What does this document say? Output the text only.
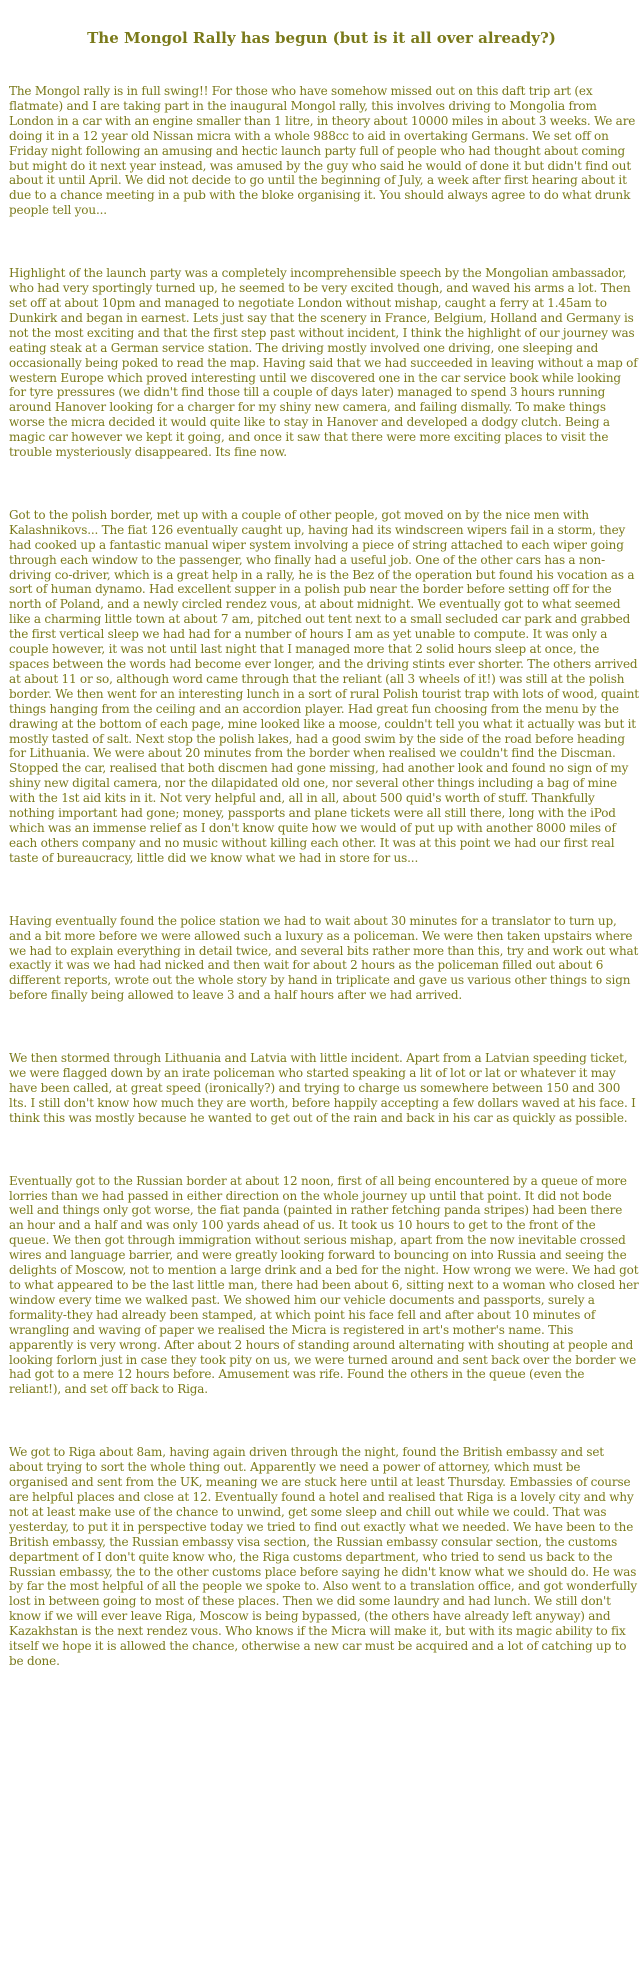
The Mongol Rally has begun (but is it all over already?)

The Mongol rally is in full swing!! For those who have somehow missed out on this daft trip art (ex flatmate) and I are taking part in the inaugural Mongol rally, this involves driving to Mongolia from London in a car with an engine smaller than 1 litre, in theory about 10000 miles in about 3 weeks. We are doing it in a 12 year old Nissan micra with a whole 988cc to aid in overtaking Germans. We set off on Friday night following an amusing and hectic launch party full of people who had thought about coming but might do it next year instead, was amused by the guy who said he would of done it but didn't find out about it until April. We did not decide to go until the beginning of July, a week after first hearing about it due to a chance meeting in a pub with the bloke organising it. You should always agree to do what drunk people tell you...

Highlight of the launch party was a completely incomprehensible speech by the Mongolian ambassador, who had very sportingly turned up, he seemed to be very excited though, and waved his arms a lot. Then set off at about 10pm and managed to negotiate London without mishap, caught a ferry at 1.45am to Dunkirk and began in earnest. Lets just say that the scenery in France, Belgium, Holland and Germany is not the most exciting and that the first step past without incident, I think the highlight of our journey was eating steak at a German service station. The driving mostly involved one driving, one sleeping and occasionally being poked to read the map. Having said that we had succeeded in leaving without a map of western Europe which proved interesting until we discovered one in the car service book while looking for tyre pressures (we didn't find those till a couple of days later) managed to spend 3 hours running around Hanover looking for a charger for my shiny new camera, and failing dismally. To make things worse the micra decided it would quite like to stay in Hanover and developed a dodgy clutch. Being a magic car however we kept it going, and once it saw that there were more exciting places to visit the trouble mysteriously disappeared. Its fine now.

Got to the polish border, met up with a couple of other people, got moved on by the nice men with Kalashnikovs... The fiat 126 eventually caught up, having had its windscreen wipers fail in a storm, they had cooked up a fantastic manual wiper system involving a piece of string attached to each wiper going through each window to the passenger, who finally had a useful job. One of the other cars has a non-driving co-driver, which is a great help in a rally, he is the Bez of the operation but found his vocation as a sort of human dynamo. Had excellent supper in a polish pub near the border before setting off for the north of Poland, and a newly circled rendez vous, at about midnight. We eventually got to what seemed like a charming little town at about 7 am, pitched out tent next to a small secluded car park and grabbed the first vertical sleep we had had for a number of hours I am as yet unable to compute. It was only a couple however, it was not until last night that I managed more that 2 solid hours sleep at once, the spaces between the words had become ever longer, and the driving stints ever shorter. The others arrived at about 11 or so, although word came through that the reliant (all 3 wheels of it!) was still at the polish border. We then went for an interesting lunch in a sort of rural Polish tourist trap with lots of wood, quaint things hanging from the ceiling and an accordion player. Had great fun choosing from the menu by the drawing at the bottom of each page, mine looked like a moose, couldn't tell you what it actually was but it mostly tasted of salt. Next stop the polish lakes, had a good swim by the side of the road before heading for Lithuania. We were about 20 minutes from the border when realised we couldn't find the Discman. Stopped the car, realised that both discmen had gone missing, had another look and found no sign of my shiny new digital camera, nor the dilapidated old one, nor several other things including a bag of mine with the 1st aid kits in it. Not very helpful and, all in all, about 500 quid's worth of stuff. Thankfully nothing important had gone; money, passports and plane tickets were all still there, long with the iPod which was an immense relief as I don't know quite how we would of put up with another 8000 miles of each others company and no music without killing each other. It was at this point we had our first real taste of bureaucracy, little did we know what we had in store for us...

Having eventually found the police station we had to wait about 30 minutes for a translator to turn up, and a bit more before we were allowed such a luxury as a policeman. We were then taken upstairs where we had to explain everything in detail twice, and several bits rather more than this, try and work out what exactly it was we had had nicked and then wait for about 2 hours as the policeman filled out about 6 different reports, wrote out the whole story by hand in triplicate and gave us various other things to sign before finally being allowed to leave 3 and a half hours after we had arrived.

We then stormed through Lithuania and Latvia with little incident. Apart from a Latvian speeding ticket, we were flagged down by an irate policeman who started speaking a lit of lot or lat or whatever it may have been called, at great speed (ironically?) and trying to charge us somewhere between 150 and 300 lts. I still don't know how much they are worth, before happily accepting a few dollars waved at his face. I think this was mostly because he wanted to get out of the rain and back in his car as quickly as possible.

Eventually got to the Russian border at about 12 noon, first of all being encountered by a queue of more lorries than we had passed in either direction on the whole journey up until that point. It did not bode well and things only got worse, the fiat panda (painted in rather fetching panda stripes) had been there an hour and a half and was only 100 yards ahead of us. It took us 10 hours to get to the front of the queue. We then got through immigration without serious mishap, apart from the now inevitable crossed wires and language barrier, and were greatly looking forward to bouncing on into Russia and seeing the delights of Moscow, not to mention a large drink and a bed for the night. How wrong we were. We had got to what appeared to be the last little man, there had been about 6, sitting next to a woman who closed her window every time we walked past. We showed him our vehicle documents and passports, surely a formality-they had already been stamped, at which point his face fell and after about 10 minutes of wrangling and waving of paper we realised the Micra is registered in art's mother's name. This apparently is very wrong. After about 2 hours of standing around alternating with shouting at people and looking forlorn just in case they took pity on us, we were turned around and sent back over the border we had got to a mere 12 hours before. Amusement was rife. Found the others in the queue (even the reliant!), and set off back to Riga.

We got to Riga about 8am, having again driven through the night, found the British embassy and set about trying to sort the whole thing out. Apparently we need a power of attorney, which must be organised and sent from the UK, meaning we are stuck here until at least Thursday. Embassies of course are helpful places and close at 12. Eventually found a hotel and realised that Riga is a lovely city and why not at least make use of the chance to unwind, get some sleep and chill out while we could. That was yesterday, to put it in perspective today we tried to find out exactly what we needed. We have been to the British embassy, the Russian embassy visa section, the Russian embassy consular section, the customs department of I don't quite know who, the Riga customs department, who tried to send us back to the Russian embassy, the to the other customs place before saying he didn't know what we should do. He was by far the most helpful of all the people we spoke to. Also went to a translation office, and got wonderfully lost in between going to most of these places. Then we did some laundry and had lunch. We still don't know if we will ever leave Riga, Moscow is being bypassed, (the others have already left anyway) and Kazakhstan is the next rendez vous. Who knows if the Micra will make it, but with its magic ability to fix itself we hope it is allowed the chance, otherwise a new car must be acquired and a lot of catching up to be done.
